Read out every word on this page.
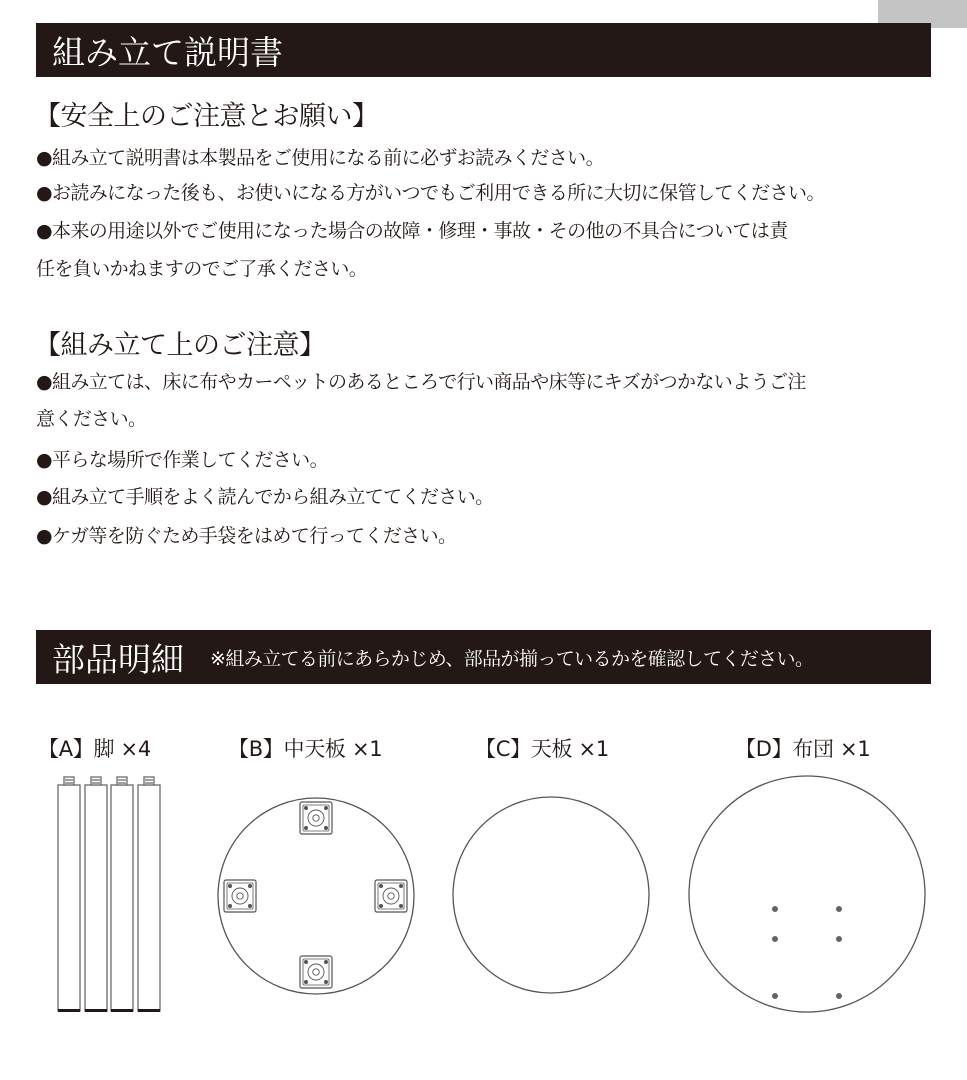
組み立て説明書
【安全上のご注意とお願い】
●組み立て説明書は本製品をご使用になる前に必ずお読みください。
●お読みになった後も、お使いになる方がいつでもご利用できる所に大切に保管してください。
●本来の用途以外でご使用になった場合の故障・修理・事故・その他の不具合については責
任を負いかねますのでご了承ください。
【組み立て上のご注意】
●組み立ては、床に布やカーペットのあるところで行い商品や床等にキズがつかないようご注
意ください。
●平らな場所で作業してください。
●組み立て手順をよく読んでから組み立ててください。
●ケガ等を防ぐため手袋をはめて行ってください。
部品明細 ※組み立てる前にあらかじめ、部品が揃っているかを確認してください。
【A】脚 ×4	【B】中天板 ×1	【C】天板 ×1	【D】布団 ×1
